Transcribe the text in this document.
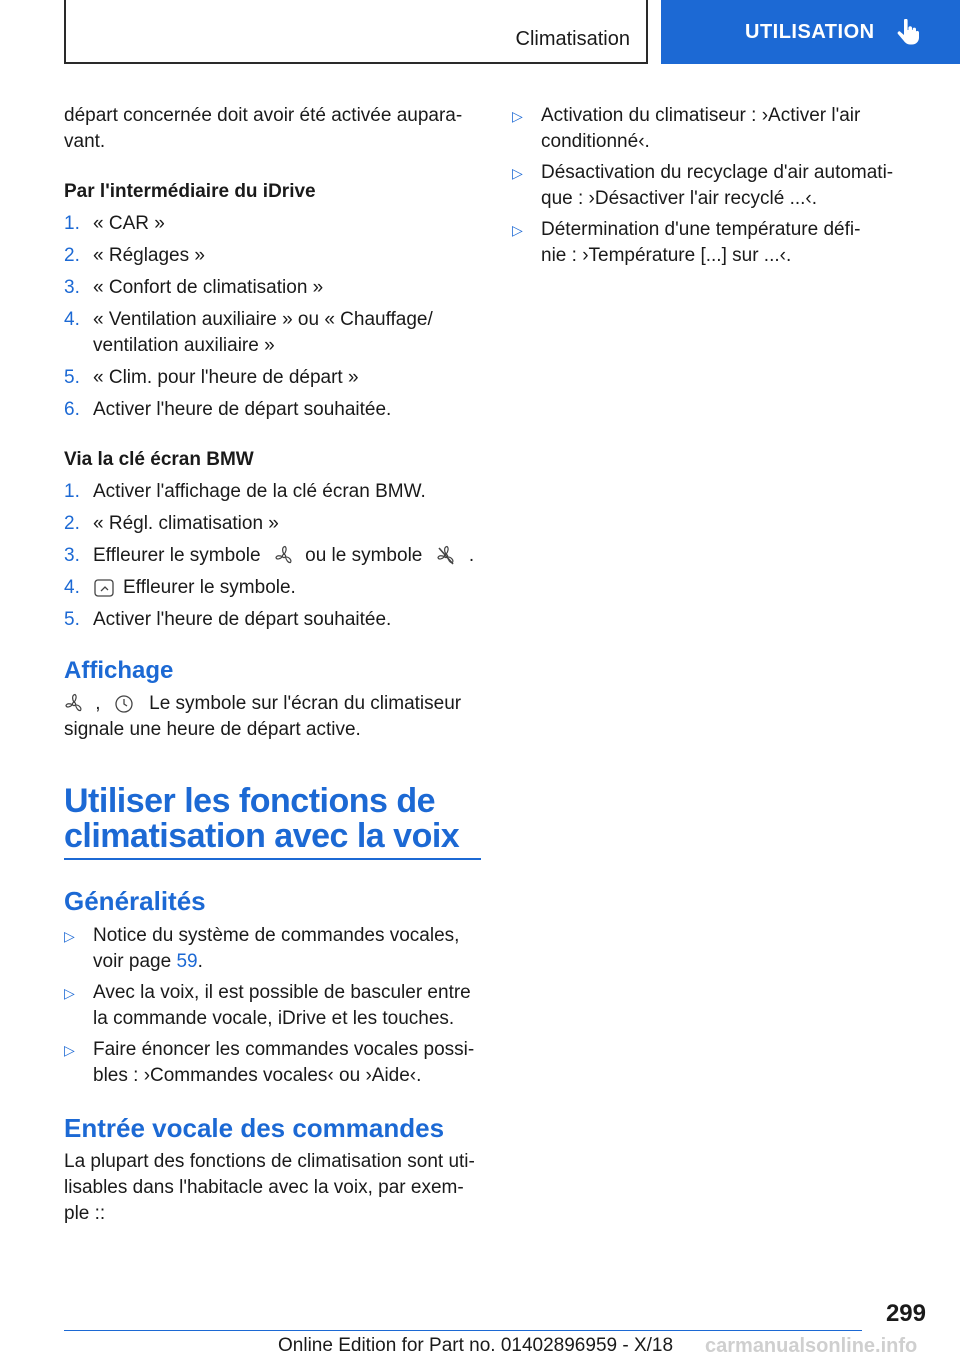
Climatisation	UTILISATION
départ concernée doit avoir été activée aupara-
vant.
Par l'intermédiaire du iDrive
1. « CAR »
2. « Réglages »
3. « Confort de climatisation »
4. « Ventilation auxiliaire » ou « Chauffage/
ventilation auxiliaire »
5. « Clim. pour l'heure de départ »
6. Activer l'heure de départ souhaitée.
Via la clé écran BMW
1. Activer l'affichage de la clé écran BMW.
2. « Régl. climatisation »
3. Effleurer le symbole ou le symbole .
4.	Effleurer le symbole.
5. Activer l'heure de départ souhaitée.
Affichage
,	Le symbole sur l'écran du climatiseur
signale une heure de départ active.
Utiliser les fonctions de
climatisation avec la voix
Généralités
▷ Notice du système de commandes vocales,
voir page 59.
▷ Avec la voix, il est possible de basculer entre
la commande vocale, iDrive et les touches.
▷ Faire énoncer les commandes vocales possi-
bles : ›Commandes vocales‹ ou ›Aide‹.
Entrée vocale des commandes
La plupart des fonctions de climatisation sont uti-
lisables dans l'habitacle avec la voix, par exem-
ple ::
▷ Activation du climatiseur : ›Activer l'air
conditionné‹.
▷ Désactivation du recyclage d'air automati-
que : ›Désactiver l'air recyclé ...‹.
▷ Détermination d'une température défi-
nie : ›Température [...] sur ...‹.
299
Online Edition for Part no. 01402896959 - X/18 carmanualsonline.info
